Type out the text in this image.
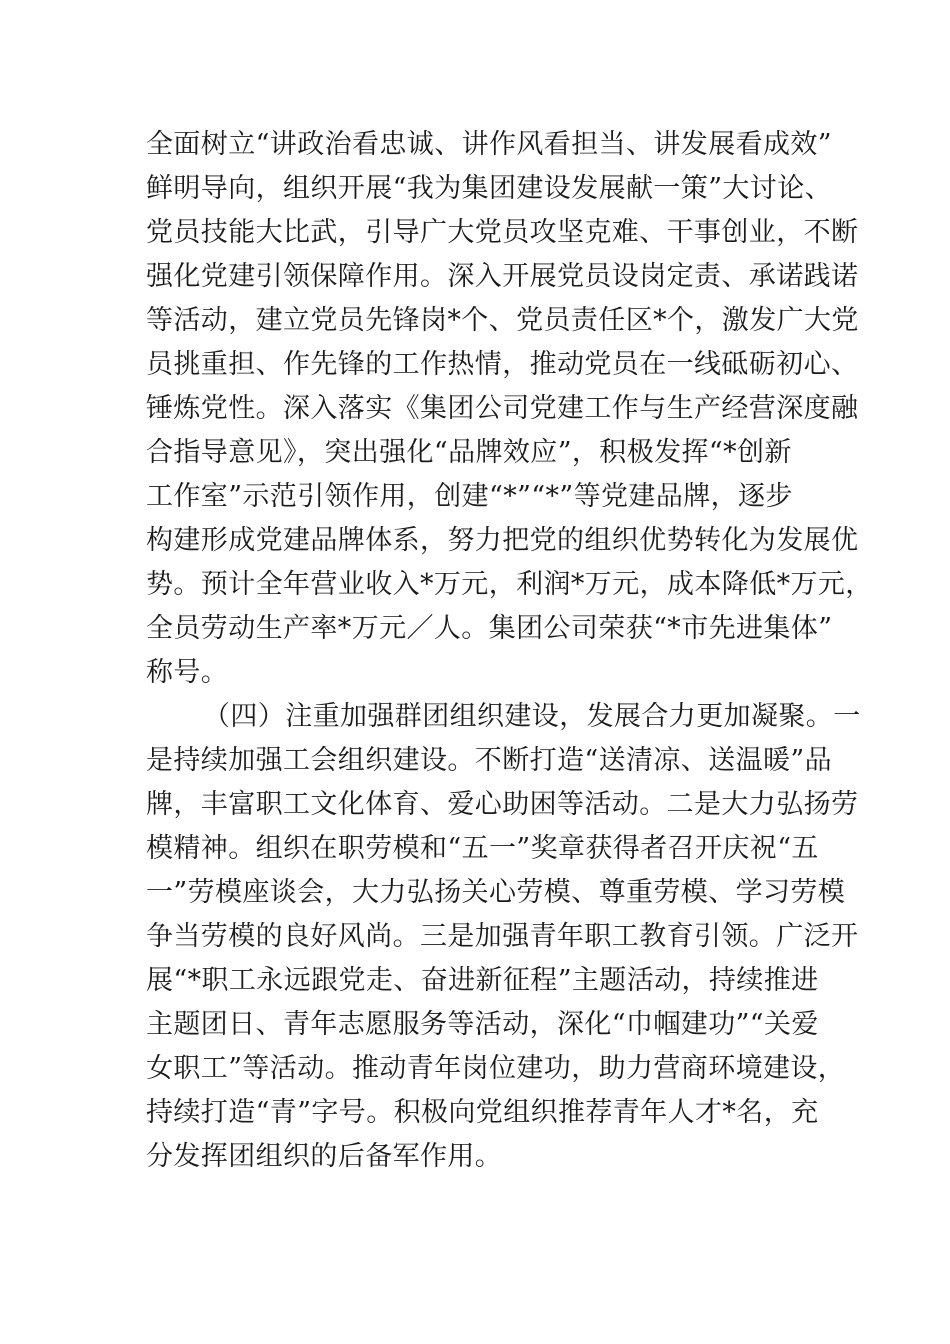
全面树立“讲政治看忠诚、讲作风看担当、讲发展看成效”
鲜明导向，组织开展“我为集团建设发展献一策”大讨论、
党员技能大比武，引导广大党员攻坚克难、干事创业，不断
强化党建引领保障作用。深入开展党员设岗定责、承诺践诺
等活动，建立党员先锋岗*个、党员责任区*个，激发广大党
员挑重担、作先锋的工作热情，推动党员在一线砥砺初心、
锤炼党性。深入落实《集团公司党建工作与生产经营深度融
合指导意见》，突出强化“品牌效应”，积极发挥“*创新
工作室”示范引领作用，创建“*”“*”等党建品牌，逐步
构建形成党建品牌体系，努力把党的组织优势转化为发展优
势。预计全年营业收入*万元，利润*万元，成本降低*万元，
全员劳动生产率*万元／人。集团公司荣获“*市先进集体”
称号。
（四）注重加强群团组织建设，发展合力更加凝聚。一
是持续加强工会组织建设。不断打造“送清凉、送温暖”品
牌，丰富职工文化体育、爱心助困等活动。二是大力弘扬劳
模精神。组织在职劳模和“五一”奖章获得者召开庆祝“五
一”劳模座谈会，大力弘扬关心劳模、尊重劳模、学习劳模
争当劳模的良好风尚。三是加强青年职工教育引领。广泛开
展“*职工永远跟党走、奋进新征程”主题活动，持续推进
主题团日、青年志愿服务等活动，深化“巾帼建功”“关爱
女职工”等活动。推动青年岗位建功，助力营商环境建设，
持续打造“青”字号。积极向党组织推荐青年人才*名，充
分发挥团组织的后备军作用。
